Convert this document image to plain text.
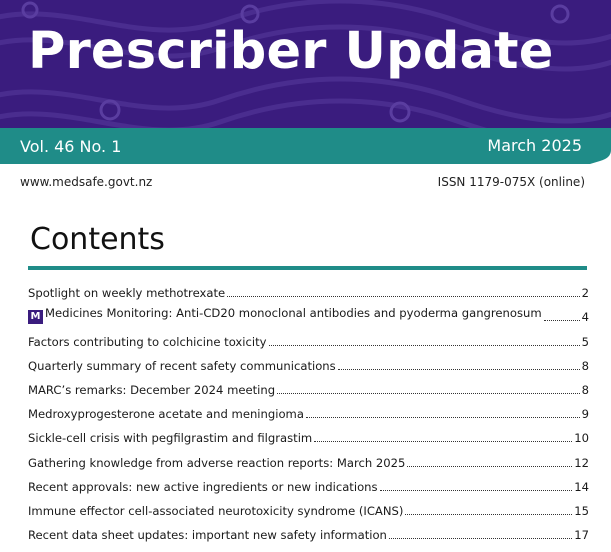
Prescriber Update
Vol. 46 No. 1	March 2025
www.medsafe.govt.nz	ISSN 1179-075X (online)
Contents
Spotlight on weekly methotrexate	2
M Medicines Monitoring: Anti-CD20 monoclonal antibodies and pyoderma gangrenosum	4
Factors contributing to colchicine toxicity	5
Quarterly summary of recent safety communications	8
MARC’s remarks: December 2024 meeting	8
Medroxyprogesterone acetate and meningioma	9
Sickle-cell crisis with pegfilgrastim and filgrastim	10
Gathering knowledge from adverse reaction reports: March 2025	12
Recent approvals: new active ingredients or new indications	14
Immune effector cell-associated neurotoxicity syndrome (ICANS)	15
Recent data sheet updates: important new safety information	17
